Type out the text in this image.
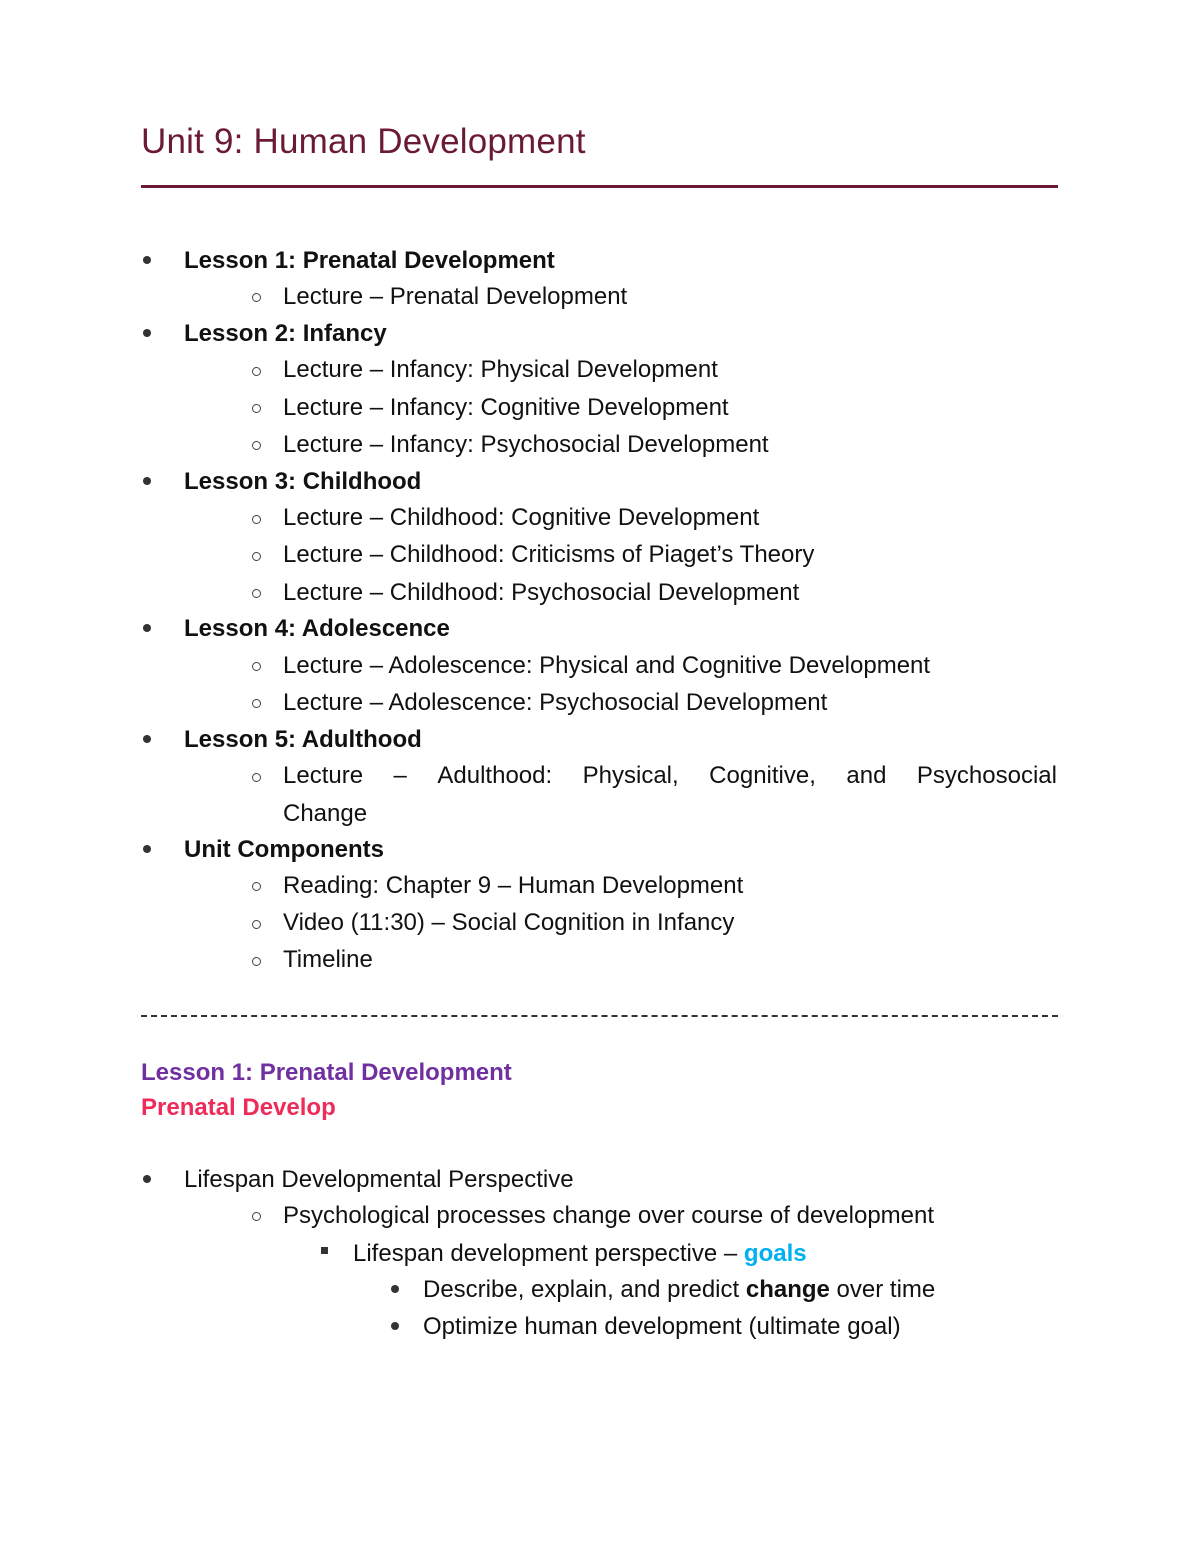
Unit 9: Human Development
Lesson 1: Prenatal Development
Lecture – Prenatal Development
Lesson 2: Infancy
Lecture – Infancy: Physical Development
Lecture – Infancy: Cognitive Development
Lecture – Infancy: Psychosocial Development
Lesson 3: Childhood
Lecture – Childhood: Cognitive Development
Lecture – Childhood: Criticisms of Piaget’s Theory
Lecture – Childhood: Psychosocial Development
Lesson 4: Adolescence
Lecture – Adolescence: Physical and Cognitive Development
Lecture – Adolescence: Psychosocial Development
Lesson 5: Adulthood
Lecture – Adulthood: Physical, Cognitive, and Psychosocial
Change
Unit Components
Reading: Chapter 9 – Human Development
Video (11:30) – Social Cognition in Infancy
Timeline
Lesson 1: Prenatal Development
Prenatal Develop
Lifespan Developmental Perspective
Psychological processes change over course of development
Lifespan development perspective – goals
Describe, explain, and predict change over time
Optimize human development (ultimate goal)
